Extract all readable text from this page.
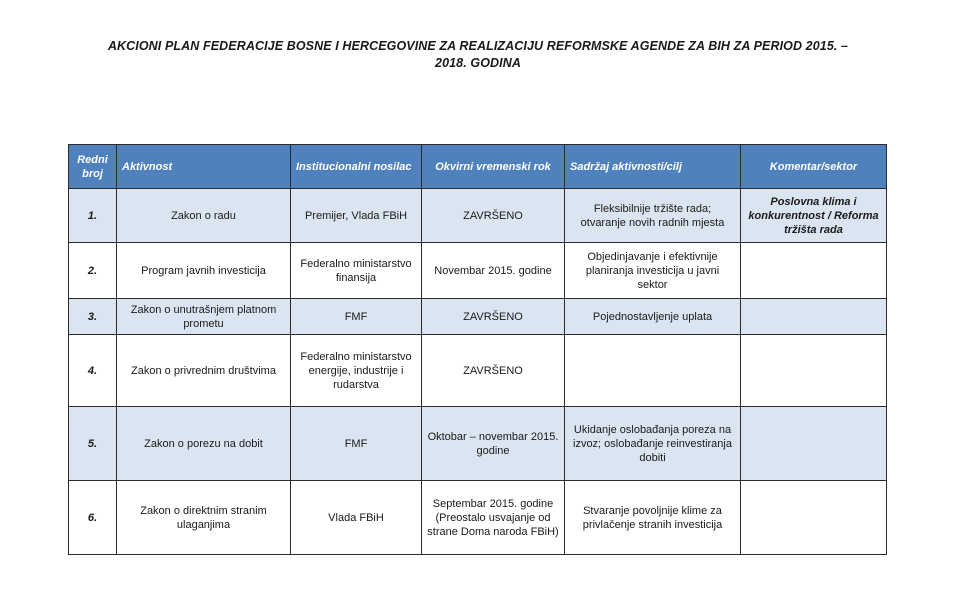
AKCIONI PLAN FEDERACIJE BOSNE I HERCEGOVINE ZA REALIZACIJU REFORMSKE AGENDE ZA BIH ZA PERIOD 2015. –
2018. GODINA
Redni broj	Aktivnost	Institucionalni nosilac	Okvirni vremenski rok	Sadržaj aktivnosti/cilj	Komentar/sektor
1.	Zakon o radu	Premijer, Vlada FBiH	ZAVRŠENO	Fleksibilnije tržište rada; otvaranje novih radnih mjesta	Poslovna klima i konkurentnost / Reforma tržišta rada
2.	Program javnih investicija	Federalno ministarstvo finansija	Novembar 2015. godine	Objedinjavanje i efektivnije planiranja investicija u javni sektor	
3.	Zakon o unutrašnjem platnom prometu	FMF	ZAVRŠENO	Pojednostavljenje uplata	
4.	Zakon o privrednim društvima	Federalno ministarstvo energije, industrije i rudarstva	ZAVRŠENO		
5.	Zakon o porezu na dobit	FMF	Oktobar – novembar 2015. godine	Ukidanje oslobađanja poreza na izvoz; oslobađanje reinvestiranja dobiti	
6.	Zakon o direktnim stranim ulaganjima	Vlada FBiH	Septembar 2015. godine (Preostalo usvajanje od strane Doma naroda FBiH)	Stvaranje povoljnije klime za privlačenje stranih investicija	
